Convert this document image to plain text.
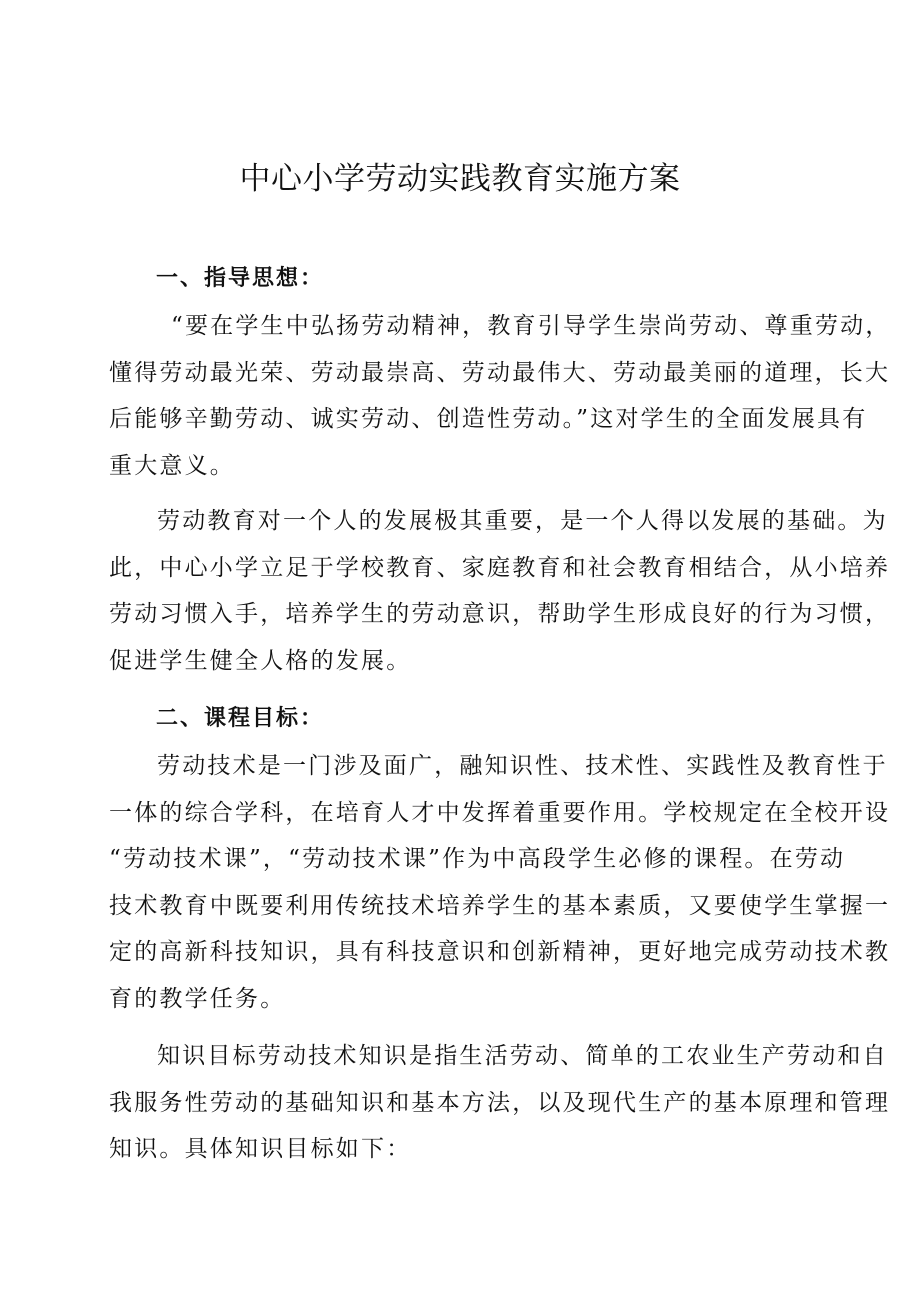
中心小学劳动实践教育实施方案
一、指导思想：

“要在学生中弘扬劳动精神，教育引导学生崇尚劳动、尊重劳动，
懂得劳动最光荣、劳动最崇高、劳动最伟大、劳动最美丽的道理，长大
后能够辛勤劳动、诚实劳动、创造性劳动。”这对学生的全面发展具有
重大意义。

劳动教育对一个人的发展极其重要，是一个人得以发展的基础。为
此，中心小学立足于学校教育、家庭教育和社会教育相结合，从小培养
劳动习惯入手，培养学生的劳动意识，帮助学生形成良好的行为习惯，
促进学生健全人格的发展。

二、课程目标：

劳动技术是一门涉及面广，融知识性、技术性、实践性及教育性于
一体的综合学科，在培育人才中发挥着重要作用。学校规定在全校开设
“劳动技术课”，“劳动技术课”作为中高段学生必修的课程。在劳动
技术教育中既要利用传统技术培养学生的基本素质，又要使学生掌握一
定的高新科技知识，具有科技意识和创新精神，更好地完成劳动技术教
育的教学任务。

知识目标劳动技术知识是指生活劳动、简单的工农业生产劳动和自
我服务性劳动的基础知识和基本方法，以及现代生产的基本原理和管理
知识。具体知识目标如下：
